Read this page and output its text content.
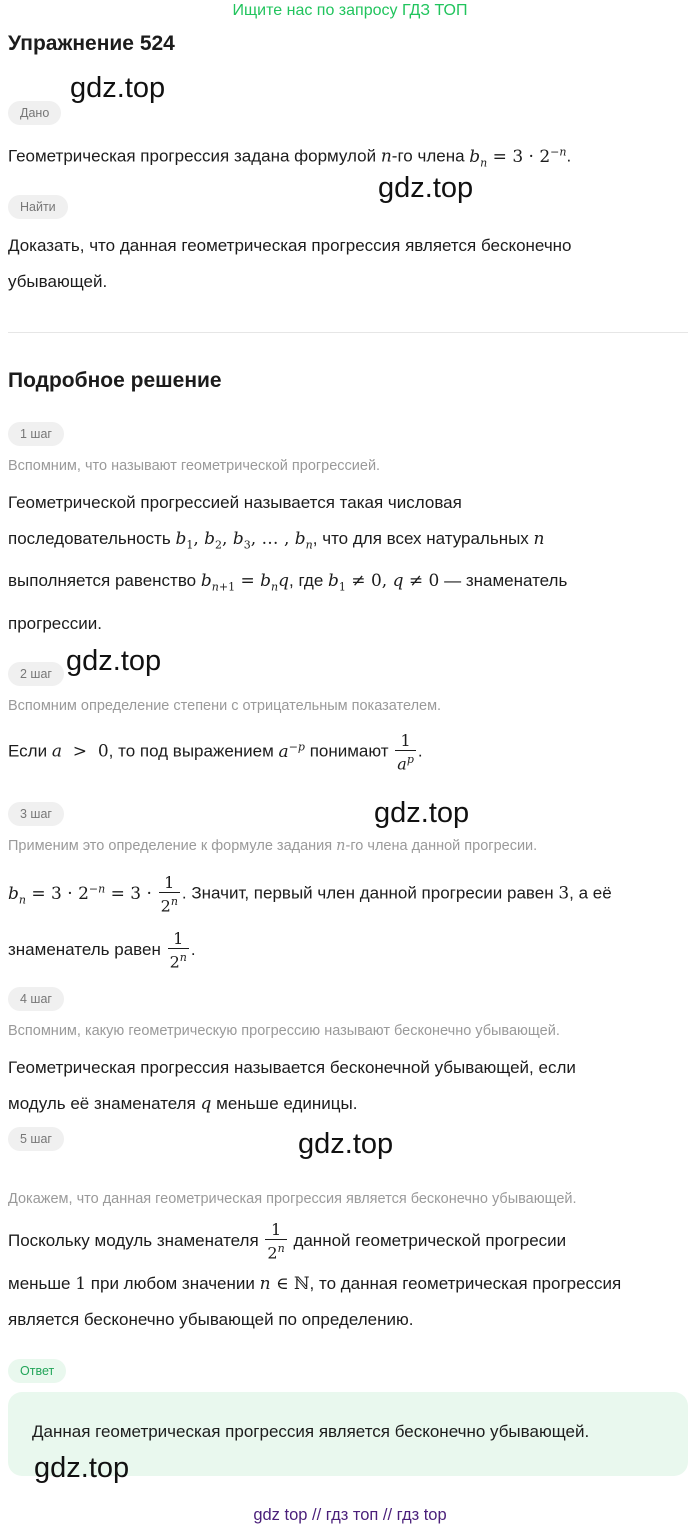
Ищите нас по запросу ГДЗ ТОП
Упражнение 524
gdz.top
Дано
Геометрическая прогрессия задана формулой n-го члена $b_n = 3 \cdot 2^{-n}$.
gdz.top
Найти
Доказать, что данная геометрическая прогрессия является бесконечно
убывающей.
Подробное решение
1 шаг
Вспомним, что называют геометрической прогрессией.
Геометрической прогрессией называется такая числовая
последовательность $b_1$, $b_2$, $b_3$, … , $b_n$, что для всех натуральных n
выполняется равенство $b_{n+1} = b_nq$, где $b_1 \ne 0$, q ≠ 0 — знаменатель
прогрессии.
gdz.top
2 шаг
Вспомним определение степени с отрицательным показателем.
Если a  >  0, то под выражением $a^{-p}$ понимают $\frac{1}{a^p}$ .
3 шаг	gdz.top
Применим это определение к формуле задания n-го члена данной прогресии.
$b_n = 3 \cdot 2^{-n} = 3 \cdot \frac{1}{2^n}$ . Значит, первый член данной прогресии равен 3, а её
знаменатель равен $\frac{1}{2^n}$ .
4 шаг
Вспомним, какую геометрическую прогрессию называют бесконечно убывающей.
Геометрическая прогрессия называется бесконечной убывающей, если
модуль её знаменателя q меньше единицы.
gdz.top
5 шаг
Докажем, что данная геометрическая прогрессия является бесконечно убывающей.
Поскольку модуль знаменателя $\frac{1}{2^n}$ данной геометрической прогресии
меньше 1 при любом значении n ∈ ℕ, то данная геометрическая прогрессия
является бесконечно убывающей по определению.
Ответ
Данная геометрическая прогрессия является бесконечно убывающей.
gdz.top
gdz top // гдз топ // гдз top
